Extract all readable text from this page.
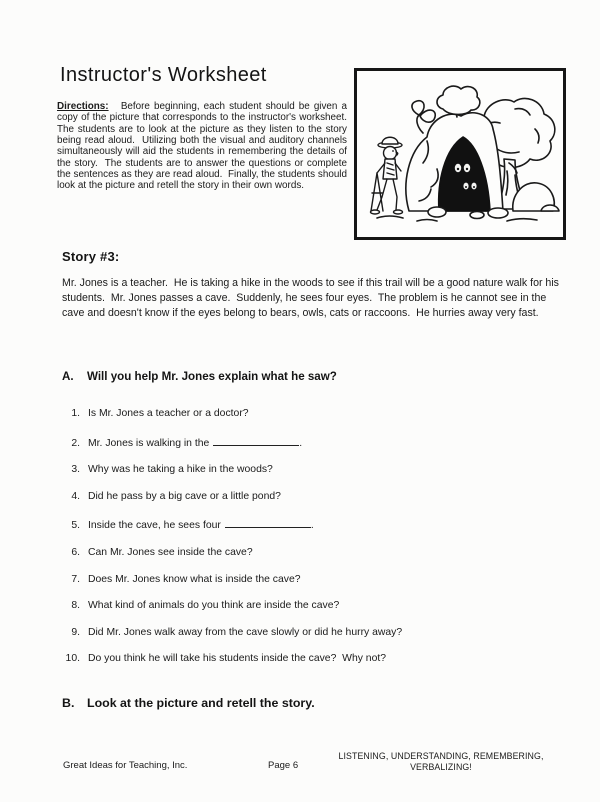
Instructor's Worksheet
Directions:   Before beginning, each student should be given a copy of the picture that corresponds to the instructor's worksheet. The students are to look at the picture as they listen to the story being read aloud.  Utilizing both the visual and auditory channels simultaneously will aid the students in remembering the details of the story.  The students are to answer the questions or complete the sentences as they are read aloud.  Finally, the students should look at the picture and retell the story in their own words.
Story #3:
Mr. Jones is a teacher.  He is taking a hike in the woods to see if this trail will be a good nature walk for his students.  Mr. Jones passes a cave.  Suddenly, he sees four eyes.  The problem is he cannot see in the cave and doesn't know if the eyes belong to bears, owls, cats or raccoons.  He hurries away very fast.
A. Will you help Mr. Jones explain what he saw?
1. Is Mr. Jones a teacher or a doctor?
2. Mr. Jones is walking in the	.
3. Why was he taking a hike in the woods?
4. Did he pass by a big cave or a little pond?
5. Inside the cave, he sees four	.
6. Can Mr. Jones see inside the cave?
7. Does Mr. Jones know what is inside the cave?
8. What kind of animals do you think are inside the cave?
9. Did Mr. Jones walk away from the cave slowly or did he hurry away?
10. Do you think he will take his students inside the cave?  Why not?
B. Look at the picture and retell the story.
Great Ideas for Teaching, Inc.	Page 6
LISTENING, UNDERSTANDING, REMEMBERING,
VERBALIZING!
